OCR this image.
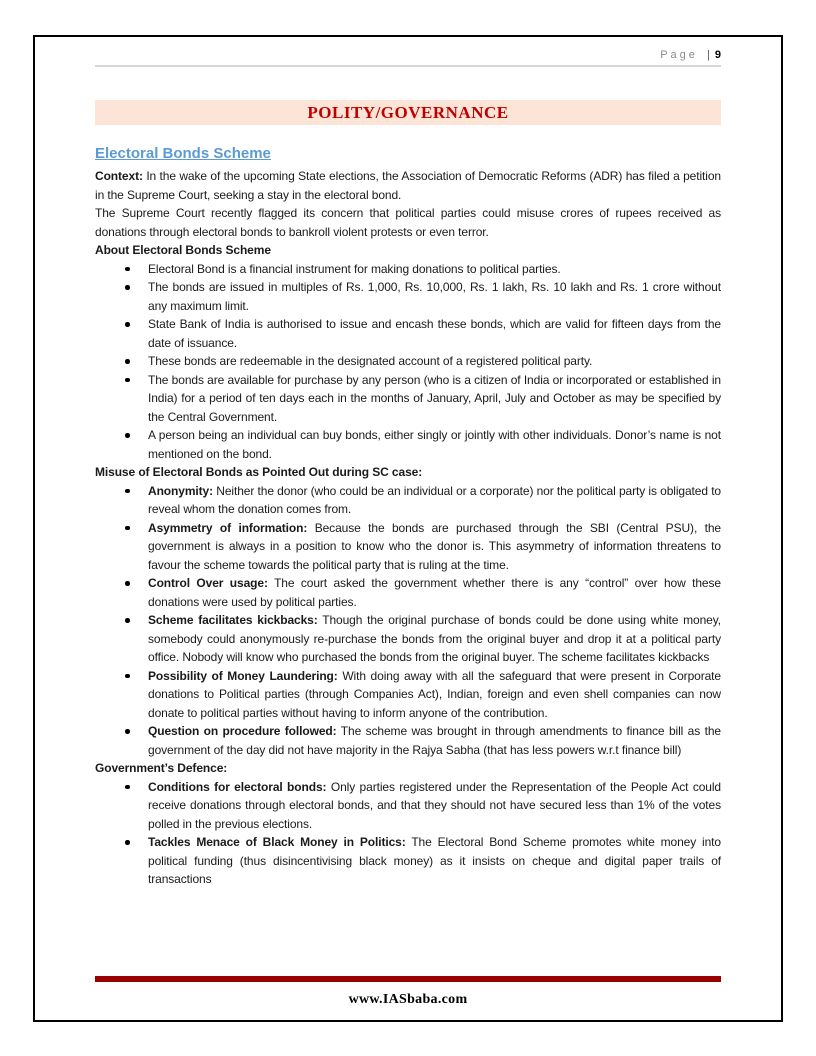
Page | 9
POLITY/GOVERNANCE
Electoral Bonds Scheme

Context: In the wake of the upcoming State elections, the Association of Democratic Reforms (ADR) has filed a petition in the Supreme Court, seeking a stay in the electoral bond.

The Supreme Court recently flagged its concern that political parties could misuse crores of rupees received as donations through electoral bonds to bankroll violent protests or even terror.

About Electoral Bonds Scheme
Electoral Bond is a financial instrument for making donations to political parties.
The bonds are issued in multiples of Rs. 1,000, Rs. 10,000, Rs. 1 lakh, Rs. 10 lakh and Rs. 1 crore without any maximum limit.
State Bank of India is authorised to issue and encash these bonds, which are valid for fifteen days from the date of issuance.
These bonds are redeemable in the designated account of a registered political party.
The bonds are available for purchase by any person (who is a citizen of India or incorporated or established in India) for a period of ten days each in the months of January, April, July and October as may be specified by the Central Government.
A person being an individual can buy bonds, either singly or jointly with other individuals. Donor’s name is not mentioned on the bond.
Misuse of Electoral Bonds as Pointed Out during SC case:
Anonymity: Neither the donor (who could be an individual or a corporate) nor the political party is obligated to reveal whom the donation comes from.
Asymmetry of information: Because the bonds are purchased through the SBI (Central PSU), the government is always in a position to know who the donor is. This asymmetry of information threatens to favour the scheme towards the political party that is ruling at the time.
Control Over usage: The court asked the government whether there is any “control” over how these donations were used by political parties.
Scheme facilitates kickbacks: Though the original purchase of bonds could be done using white money, somebody could anonymously re-purchase the bonds from the original buyer and drop it at a political party office. Nobody will know who purchased the bonds from the original buyer. The scheme facilitates kickbacks
Possibility of Money Laundering: With doing away with all the safeguard that were present in Corporate donations to Political parties (through Companies Act), Indian, foreign and even shell companies can now donate to political parties without having to inform anyone of the contribution.
Question on procedure followed: The scheme was brought in through amendments to finance bill as the government of the day did not have majority in the Rajya Sabha (that has less powers w.r.t finance bill)
Government’s Defence:
Conditions for electoral bonds: Only parties registered under the Representation of the People Act could receive donations through electoral bonds, and that they should not have secured less than 1% of the votes polled in the previous elections.
Tackles Menace of Black Money in Politics: The Electoral Bond Scheme promotes white money into political funding (thus disincentivising black money) as it insists on cheque and digital paper trails of transactions
www.IASbaba.com
